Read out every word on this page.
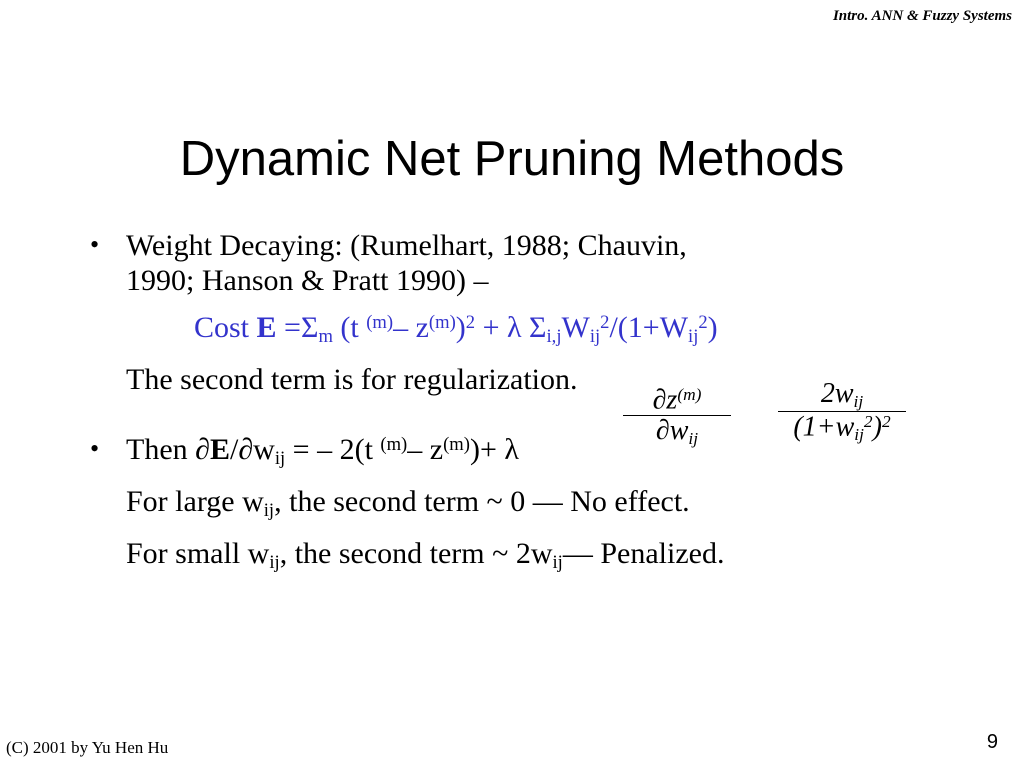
Intro. ANN & Fuzzy Systems
Dynamic Net Pruning Methods
• Weight Decaying: (Rumelhart, 1988; Chauvin,
1990; Hanson & Pratt 1990) –
Cost $E =\Sigma_m$ (t $^{(m)}$– $z^{(m)})^2 + \lambda$ $\Sigma_{i,j}W_{ij}^2/(1+W_{ij}^2)$
The second term is for regularization.
• Then $\partial E/\partial w_{ij}$ = – 2(t $^{(m)}$– $z^{(m)})+ \lambda$
$\partial z^{(m)}$
$\partial w_{ij}$
$2w_{ij}$
$(1+w_{ij}^2)^2$
For large $w_{ij}$, the second term ~ 0 — No effect.
For small $w_{ij}$, the second term ~ $2w_{ij}—$ Penalized.
(C) 2001 by Yu Hen Hu	9
